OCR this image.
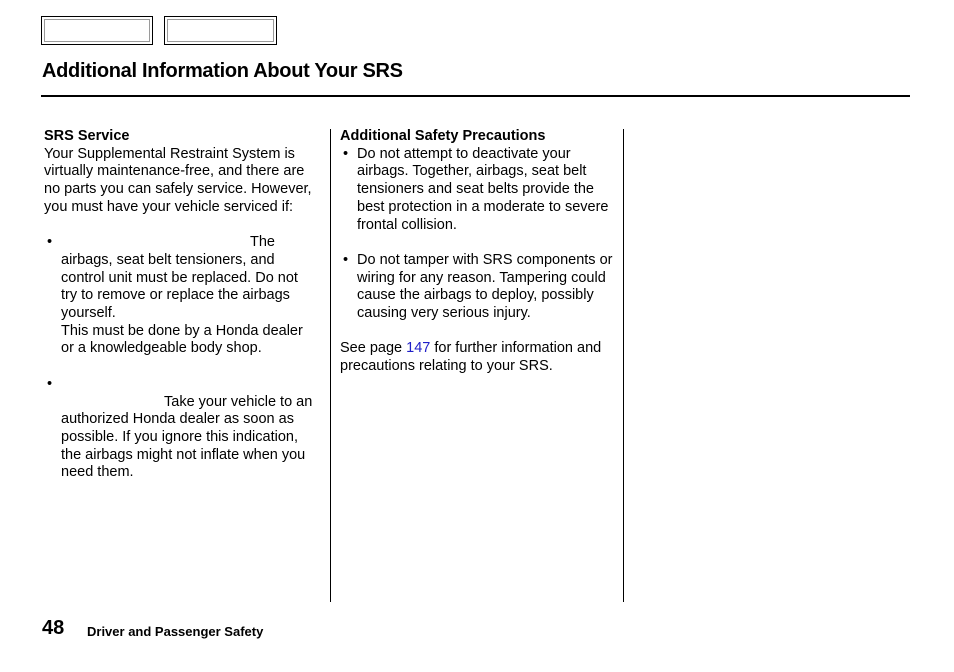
Additional Information About Your SRS
SRS Service

Your Supplemental Restraint System is virtually maintenance-free, and there are no parts you can safely service. However, you must have your vehicle serviced if:

•	The airbags, seat belt tensioners, and control unit must be replaced. Do not try to remove or replace the airbags yourself.

This must be done by a Honda dealer or a knowledgeable body shop.

•

Take your vehicle to an authorized Honda dealer as soon as possible. If you ignore this indication, the airbags might not inflate when you need them.

Additional Safety Precautions
• Do not attempt to deactivate your airbags. Together, airbags, seat belt tensioners and seat belts provide the best protection in a moderate to severe frontal collision.

• Do not tamper with SRS components or wiring for any reason. Tampering could cause the airbags to deploy, possibly causing very serious injury.

See page 147 for further information and precautions relating to your SRS.

48 Driver and Passenger Safety
